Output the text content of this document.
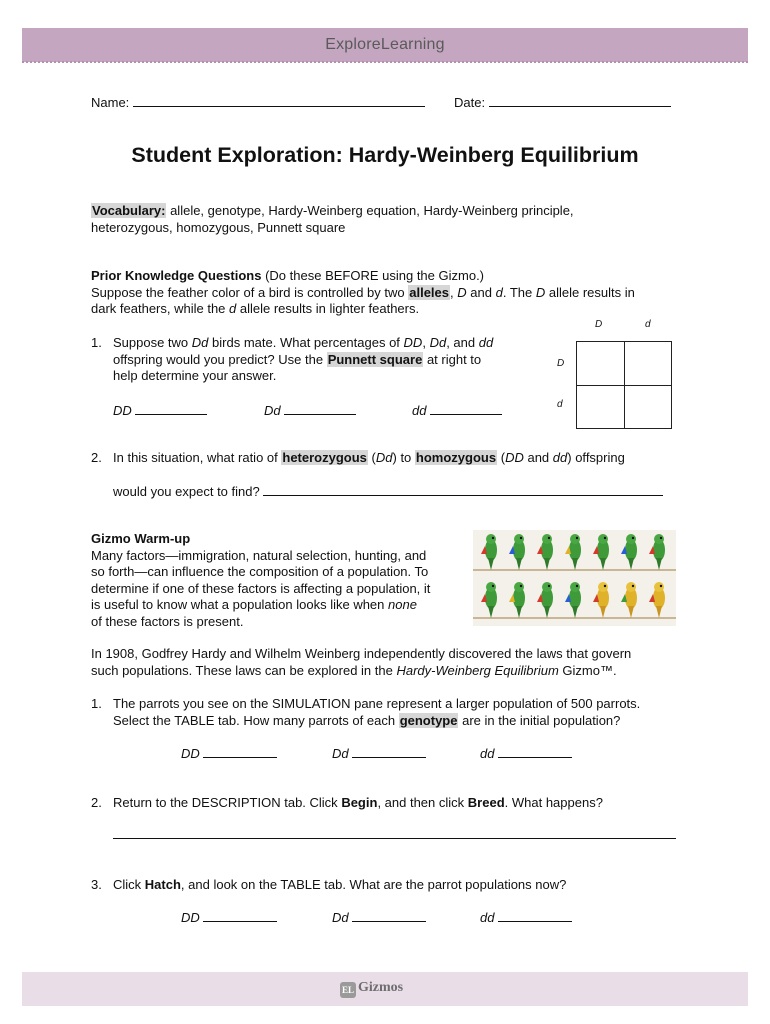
ExploreLearning
Name:	Date:
Student Exploration: Hardy-Weinberg Equilibrium
Vocabulary: allele, genotype, Hardy-Weinberg equation, Hardy-Weinberg principle,
heterozygous, homozygous, Punnett square
Prior Knowledge Questions (Do these BEFORE using the Gizmo.)
Suppose the feather color of a bird is controlled by two alleles, D and d. The D allele results in
dark feathers, while the d allele results in lighter feathers.
1. Suppose two Dd birds mate. What percentages of DD, Dd, and dd
offspring would you predict? Use the Punnett square at right to
help determine your answer.
DD	Dd	dd
D	d
D
d
2. In this situation, what ratio of heterozygous (Dd) to homozygous (DD and dd) offspring
would you expect to find?
Gizmo Warm-up
Many factors—immigration, natural selection, hunting, and
so forth—can influence the composition of a population. To
determine if one of these factors is affecting a population, it
is useful to know what a population looks like when none
of these factors is present.
In 1908, Godfrey Hardy and Wilhelm Weinberg independently discovered the laws that govern
such populations. These laws can be explored in the Hardy-Weinberg Equilibrium Gizmo™.
1. The parrots you see on the SIMULATION pane represent a larger population of 500 parrots.
Select the TABLE tab. How many parrots of each genotype are in the initial population?
DD	Dd	dd
2. Return to the DESCRIPTION tab. Click Begin, and then click Breed. What happens?
3. Click Hatch, and look on the TABLE tab. What are the parrot populations now?
DD	Dd	dd
EL Gizmos
